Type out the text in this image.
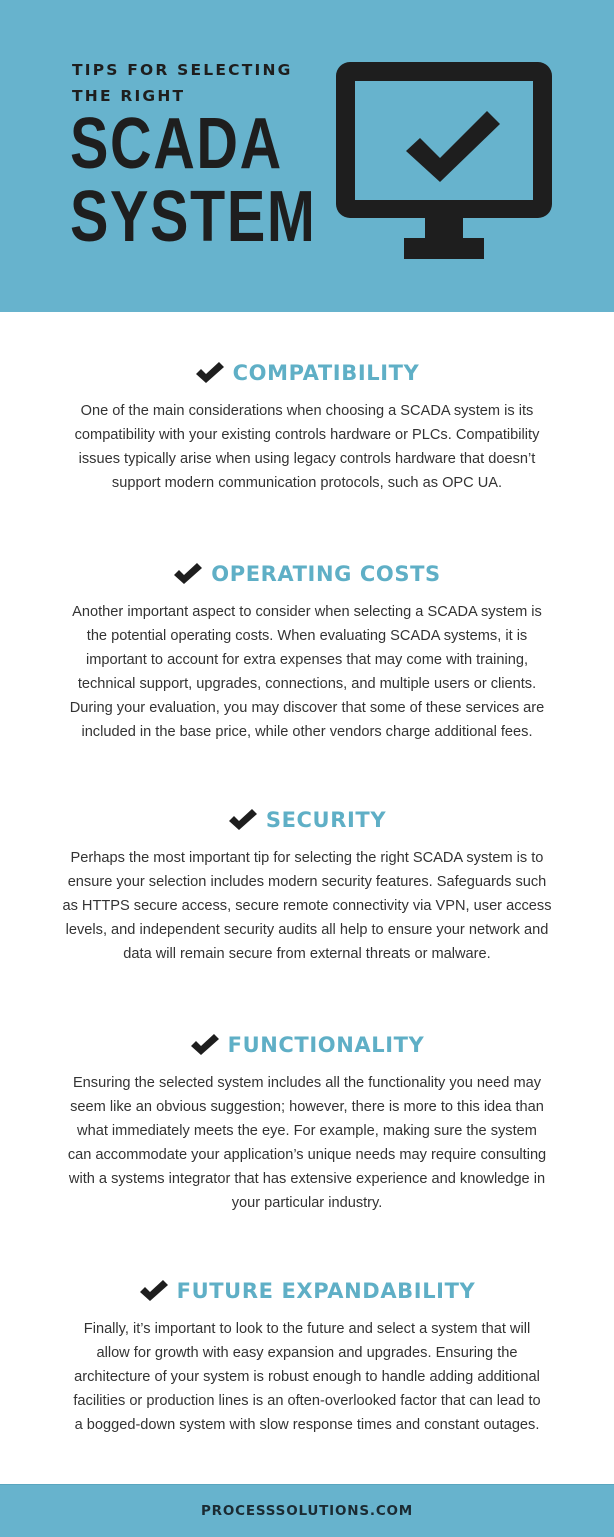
TIPS FOR SELECTING
THE RIGHT
SCADA
SYSTEM
COMPATIBILITY
One of the main considerations when choosing a SCADA system is its
compatibility with your existing controls hardware or PLCs. Compatibility
issues typically arise when using legacy controls hardware that doesn’t
support modern communication protocols, such as OPC UA.
OPERATING COSTS
Another important aspect to consider when selecting a SCADA system is
the potential operating costs. When evaluating SCADA systems, it is
important to account for extra expenses that may come with training,
technical support, upgrades, connections, and multiple users or clients.
During your evaluation, you may discover that some of these services are
included in the base price, while other vendors charge additional fees.
SECURITY
Perhaps the most important tip for selecting the right SCADA system is to
ensure your selection includes modern security features. Safeguards such
as HTTPS secure access, secure remote connectivity via VPN, user access
levels, and independent security audits all help to ensure your network and
data will remain secure from external threats or malware.
FUNCTIONALITY
Ensuring the selected system includes all the functionality you need may
seem like an obvious suggestion; however, there is more to this idea than
what immediately meets the eye. For example, making sure the system
can accommodate your application’s unique needs may require consulting
with a systems integrator that has extensive experience and knowledge in
your particular industry.
FUTURE EXPANDABILITY
Finally, it’s important to look to the future and select a system that will
allow for growth with easy expansion and upgrades. Ensuring the
architecture of your system is robust enough to handle adding additional
facilities or production lines is an often-overlooked factor that can lead to
a bogged-down system with slow response times and constant outages.
PROCESSSOLUTIONS.COM
